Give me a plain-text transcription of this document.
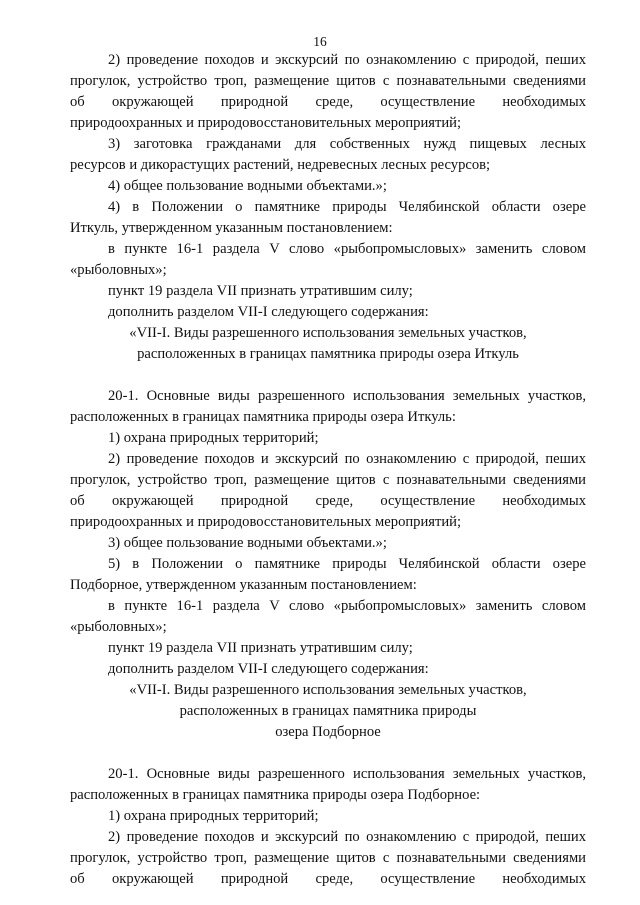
16
2) проведение походов и экскурсий по ознакомлению с природой, пеших
прогулок, устройство троп, размещение щитов с познавательными сведениями
об окружающей природной среде, осуществление необходимых
природоохранных и природовосстановительных мероприятий;
3) заготовка гражданами для собственных нужд пищевых лесных
ресурсов и дикорастущих растений, недревесных лесных ресурсов;
4) общее пользование водными объектами.»;
4) в Положении о памятнике природы Челябинской области озере
Иткуль, утвержденном указанным постановлением:
в пункте 16-1 раздела V слово «рыбопромысловых» заменить словом
«рыболовных»;
пункт 19 раздела VII признать утратившим силу;
дополнить разделом VII-I следующего содержания:
«VII-I. Виды разрешенного использования земельных участков,
расположенных в границах памятника природы озера Иткуль
20-1. Основные виды разрешенного использования земельных участков,
расположенных в границах памятника природы озера Иткуль:
1) охрана природных территорий;
2) проведение походов и экскурсий по ознакомлению с природой, пеших
прогулок, устройство троп, размещение щитов с познавательными сведениями
об окружающей природной среде, осуществление необходимых
природоохранных и природовосстановительных мероприятий;
3) общее пользование водными объектами.»;
5) в Положении о памятнике природы Челябинской области озере
Подборное, утвержденном указанным постановлением:
в пункте 16-1 раздела V слово «рыбопромысловых» заменить словом
«рыболовных»;
пункт 19 раздела VII признать утратившим силу;
дополнить разделом VII-I следующего содержания:
«VII-I. Виды разрешенного использования земельных участков,
расположенных в границах памятника природы
озера Подборное
20-1. Основные виды разрешенного использования земельных участков,
расположенных в границах памятника природы озера Подборное:
1) охрана природных территорий;
2) проведение походов и экскурсий по ознакомлению с природой, пеших
прогулок, устройство троп, размещение щитов с познавательными сведениями
об окружающей природной среде, осуществление необходимых
